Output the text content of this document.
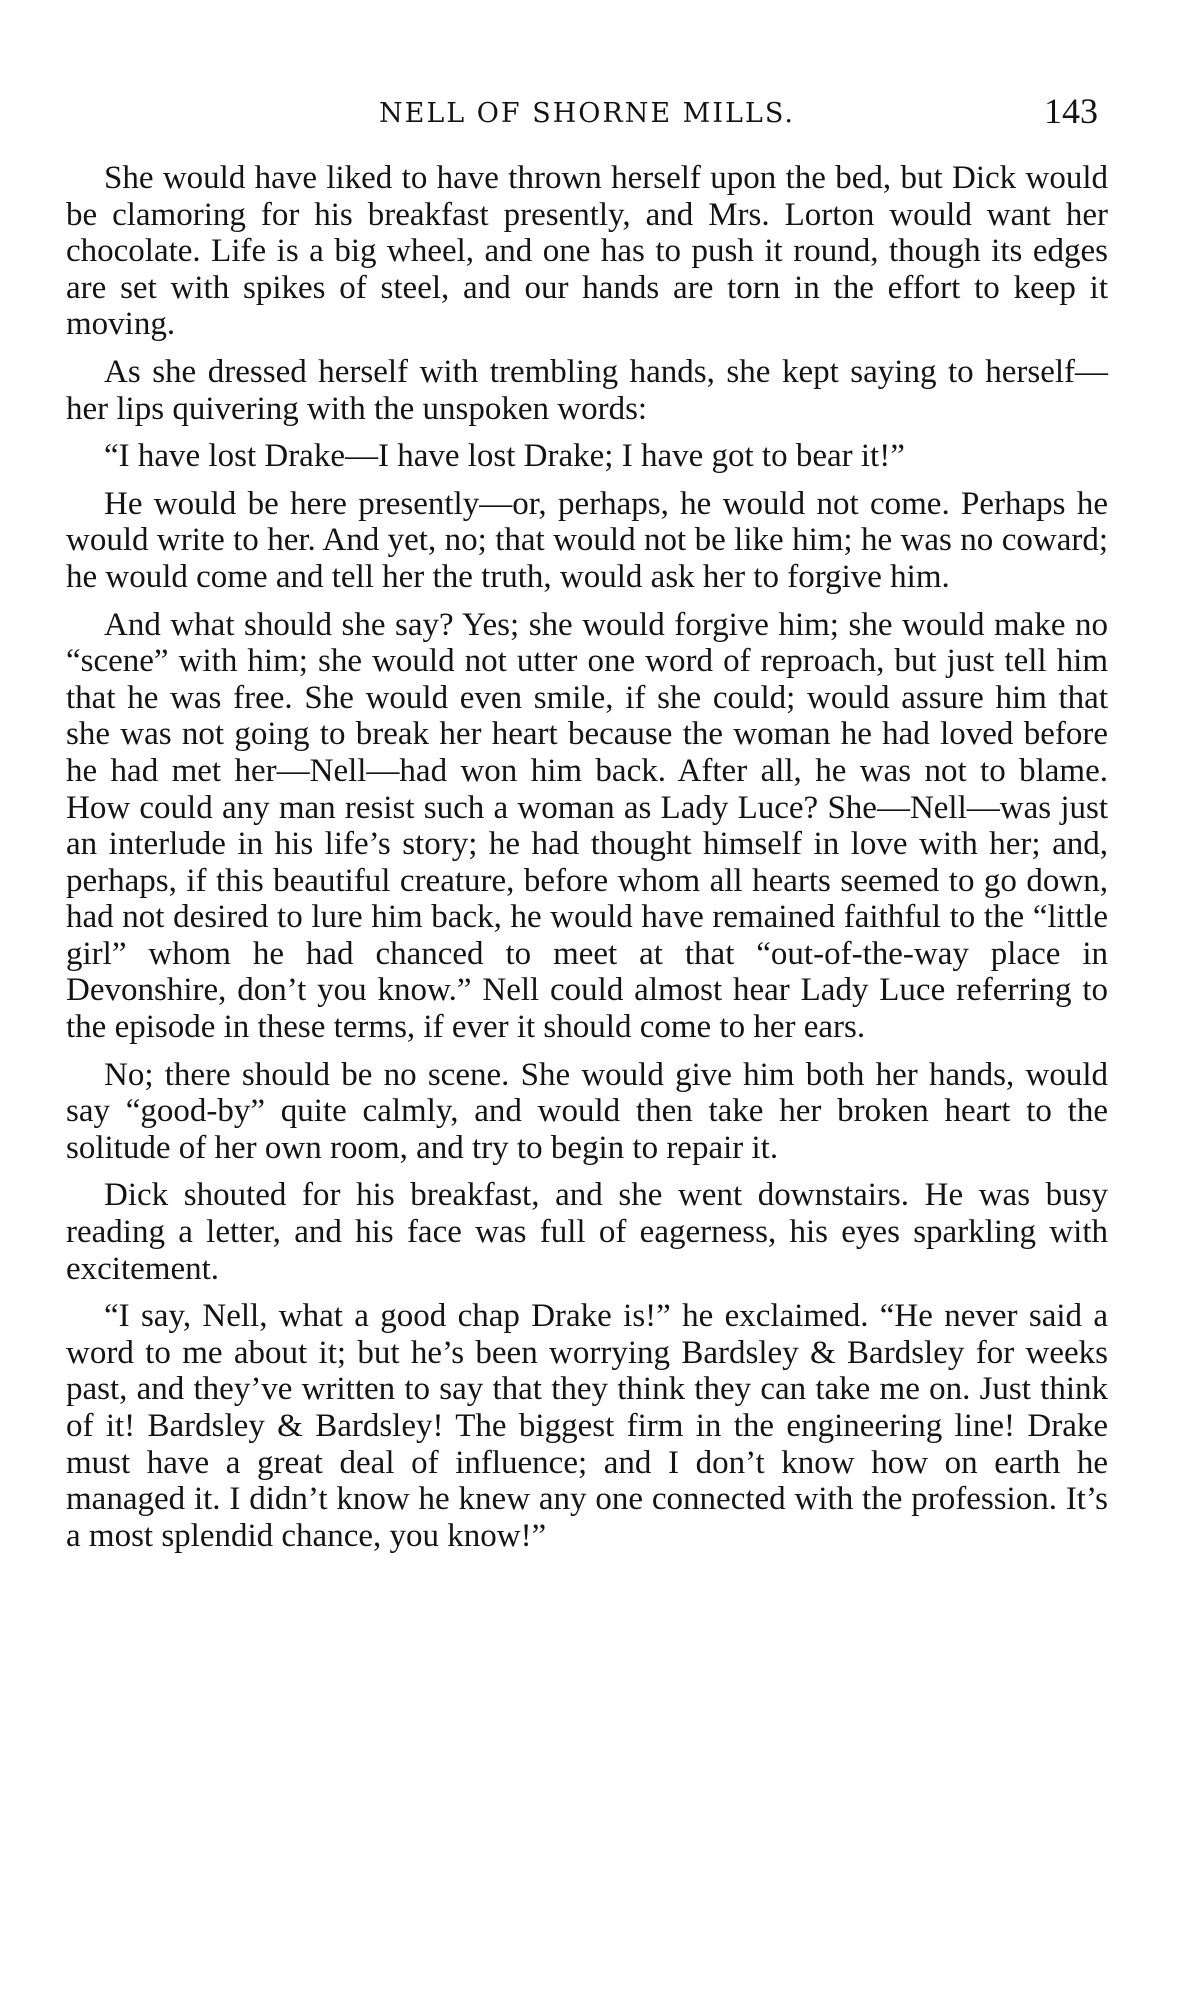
NELL OF SHORNE MILLS.	143

She would have liked to have thrown herself upon the bed, but Dick would be clamoring for his breakfast presently, and Mrs. Lorton would want her chocolate. Life is a big wheel, and one has to push it round, though its edges are set with spikes of steel, and our hands are torn in the effort to keep it moving.

As she dressed herself with trembling hands, she kept saying to herself—her lips quivering with the unspoken words:

“I have lost Drake—I have lost Drake; I have got to bear it!”

He would be here presently—or, perhaps, he would not come. Perhaps he would write to her. And yet, no; that would not be like him; he was no coward; he would come and tell her the truth, would ask her to forgive him.

And what should she say? Yes; she would forgive him; she would make no “scene” with him; she would not utter one word of reproach, but just tell him that he was free. She would even smile, if she could; would assure him that she was not going to break her heart because the woman he had loved before he had met her—Nell—had won him back. After all, he was not to blame. How could any man resist such a woman as Lady Luce? She—Nell—was just an interlude in his life’s story; he had thought himself in love with her; and, perhaps, if this beautiful creature, before whom all hearts seemed to go down, had not desired to lure him back, he would have remained faithful to the “little girl” whom he had chanced to meet at that “out-of-the-way place in Devonshire, don’t you know.” Nell could almost hear Lady Luce referring to the episode in these terms, if ever it should come to her ears.

No; there should be no scene. She would give him both her hands, would say “good-by” quite calmly, and would then take her broken heart to the solitude of her own room, and try to begin to repair it.

Dick shouted for his breakfast, and she went downstairs. He was busy reading a letter, and his face was full of eagerness, his eyes sparkling with excitement.

“I say, Nell, what a good chap Drake is!” he exclaimed. “He never said a word to me about it; but he’s been worrying Bardsley & Bardsley for weeks past, and they’ve written to say that they think they can take me on. Just think of it! Bardsley & Bardsley! The biggest firm in the engineering line! Drake must have a great deal of influence; and I don’t know how on earth he managed it. I didn’t know he knew any one connected with the profession. It’s a most splendid chance, you know!”
